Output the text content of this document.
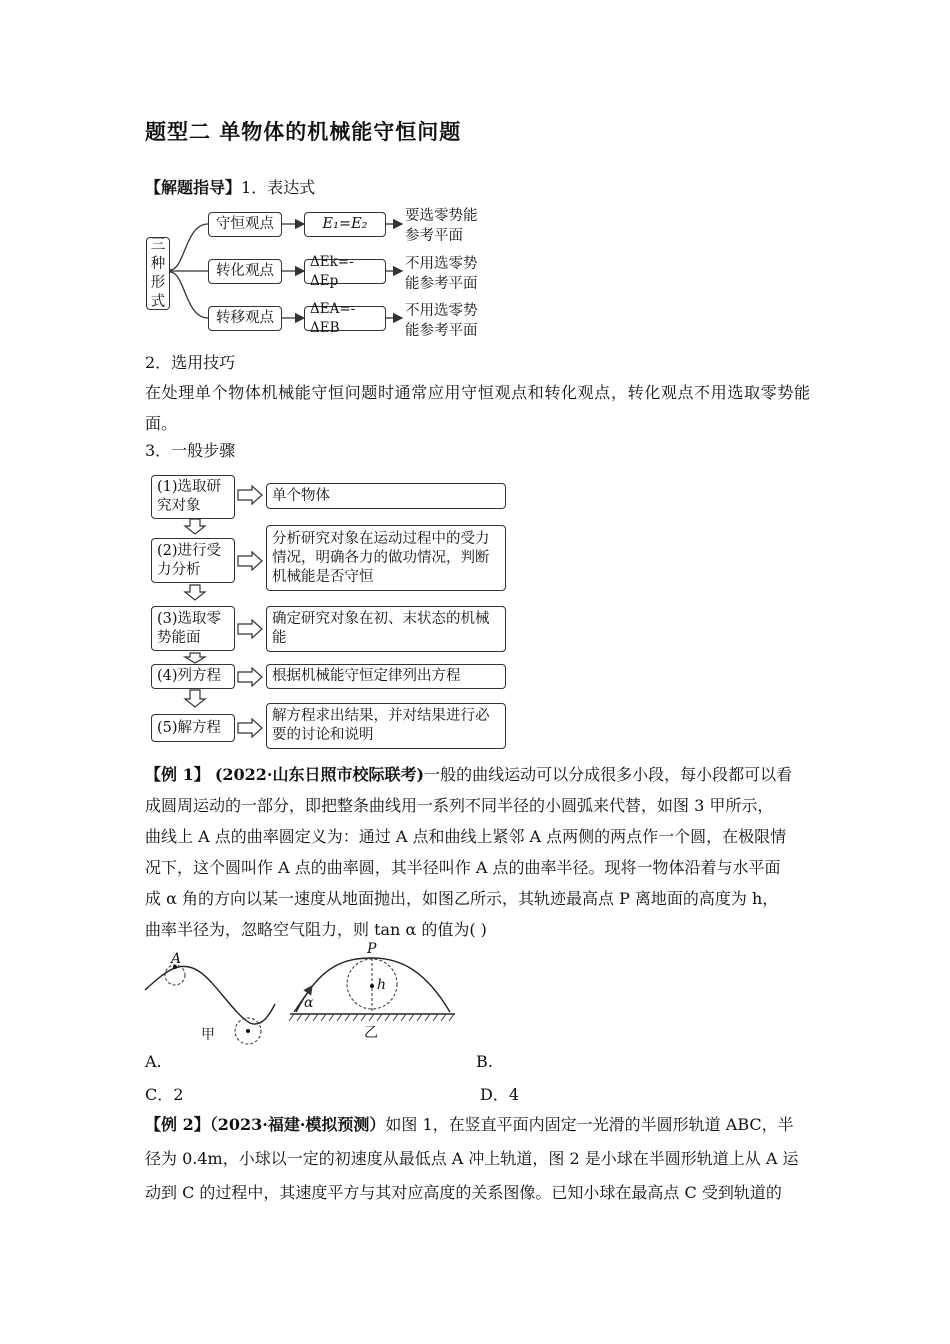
题型二 单物体的机械能守恒问题
【解题指导】1．表达式
三
种
形
式
守恒观点
转化观点
转移观点
E₁=E₂
ΔEk=-ΔEp
ΔEA=-ΔEB
要选零势能
参考平面
不用选零势
能参考平面
不用选零势
能参考平面
2．选用技巧
在处理单个物体机械能守恒问题时通常应用守恒观点和转化观点，转化观点不用选取零势能面。
3．一般步骤
(1)选取研究对象
(2)进行受力分析
(3)选取零势能面
(4)列方程
(5)解方程
单个物体
分析研究对象在运动过程中的受力情况，明确各力的做功情况，判断机械能是否守恒
确定研究对象在初、末状态的机械能
根据机械能守恒定律列出方程
解方程求出结果，并对结果进行必要的讨论和说明
【例 1】 (2022·山东日照市校际联考)一般的曲线运动可以分成很多小段，每小段都可以看
成圆周运动的一部分，即把整条曲线用一系列不同半径的小圆弧来代替，如图 3 甲所示，
曲线上 A 点的曲率圆定义为：通过 A 点和曲线上紧邻 A 点两侧的两点作一个圆，在极限情
况下，这个圆叫作 A 点的曲率圆，其半径叫作 A 点的曲率半径。现将一物体沿着与水平面
成 α 角的方向以某一速度从地面抛出，如图乙所示，其轨迹最高点 P 离地面的高度为 h，
曲率半径为，忽略空气阻力，则 tan α 的值为( )
A
甲
P
h
α
乙
A.	B.
C．2	D．4
【例 2】（2023·福建·模拟预测）如图 1，在竖直平面内固定一光滑的半圆形轨道 ABC，半
径为 0.4m，小球以一定的初速度从最低点 A 冲上轨道，图 2 是小球在半圆形轨道上从 A 运
动到 C 的过程中，其速度平方与其对应高度的关系图像。已知小球在最高点 C 受到轨道的
